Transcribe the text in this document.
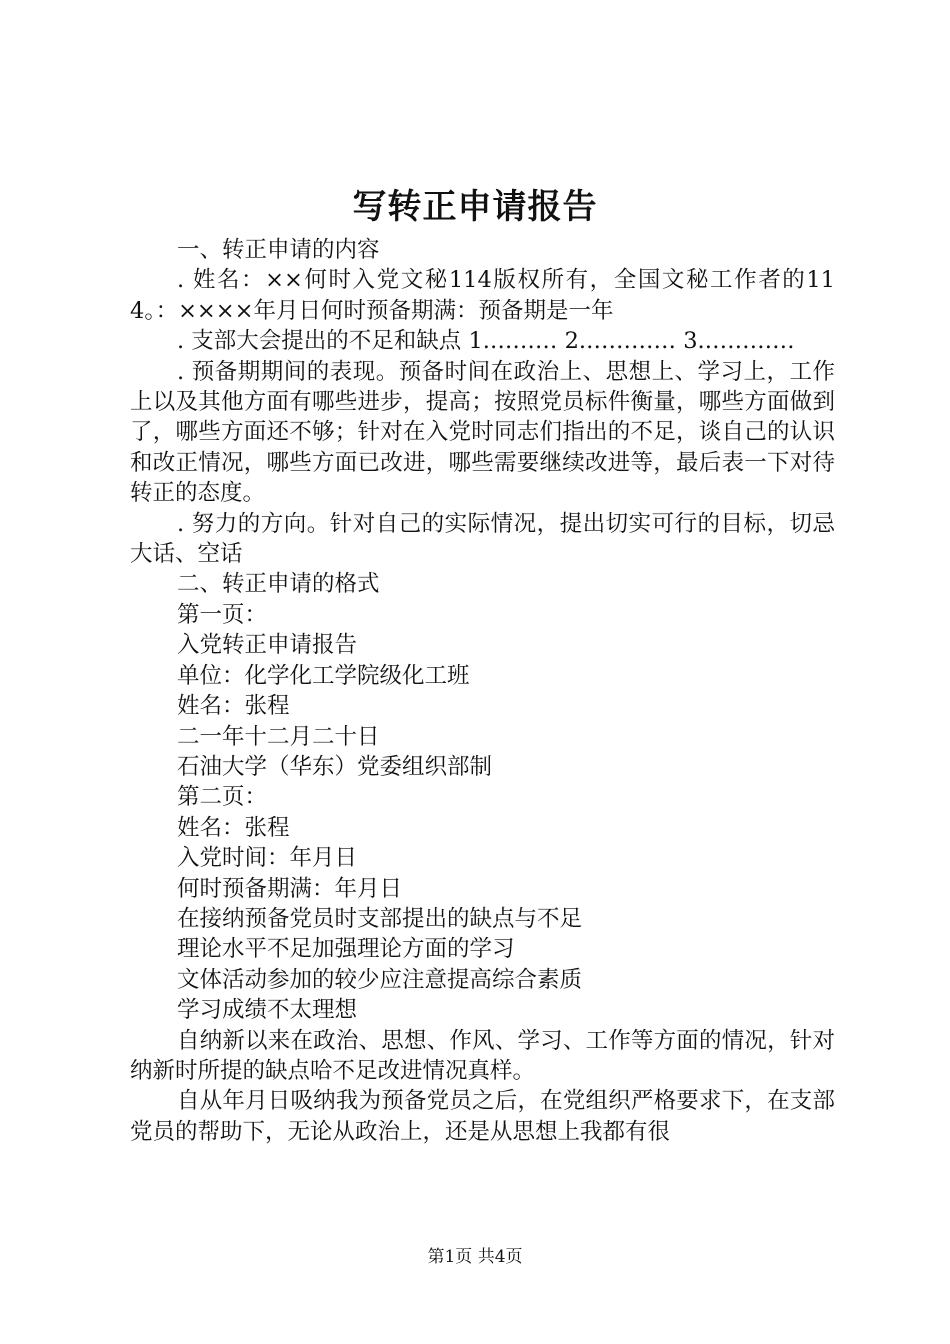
写转正申请报告

一、转正申请的内容

. 姓名：××何时入党文秘114版权所有，全国文秘工作者的114。：××××年月日何时预备期满：预备期是一年

. 支部大会提出的不足和缺点 1.……… 2.………… 3.…………

. 预备期期间的表现。预备时间在政治上、思想上、学习上，工作上以及其他方面有哪些进步，提高；按照党员标件衡量，哪些方面做到了，哪些方面还不够；针对在入党时同志们指出的不足，谈自己的认识和改正情况，哪些方面已改进，哪些需要继续改进等，最后表一下对待转正的态度。

. 努力的方向。针对自己的实际情况，提出切实可行的目标，切忌大话、空话

二、转正申请的格式

第一页：

入党转正申请报告

单位：化学化工学院级化工班

姓名：张程

二一年十二月二十日

石油大学（华东）党委组织部制

第二页：

姓名：张程

入党时间：年月日

何时预备期满：年月日

在接纳预备党员时支部提出的缺点与不足

理论水平不足加强理论方面的学习

文体活动参加的较少应注意提高综合素质

学习成绩不太理想

自纳新以来在政治、思想、作风、学习、工作等方面的情况，针对纳新时所提的缺点哈不足改进情况真样。

自从年月日吸纳我为预备党员之后，在党组织严格要求下，在支部党员的帮助下，无论从政治上，还是从思想上我都有很

第1页 共4页
